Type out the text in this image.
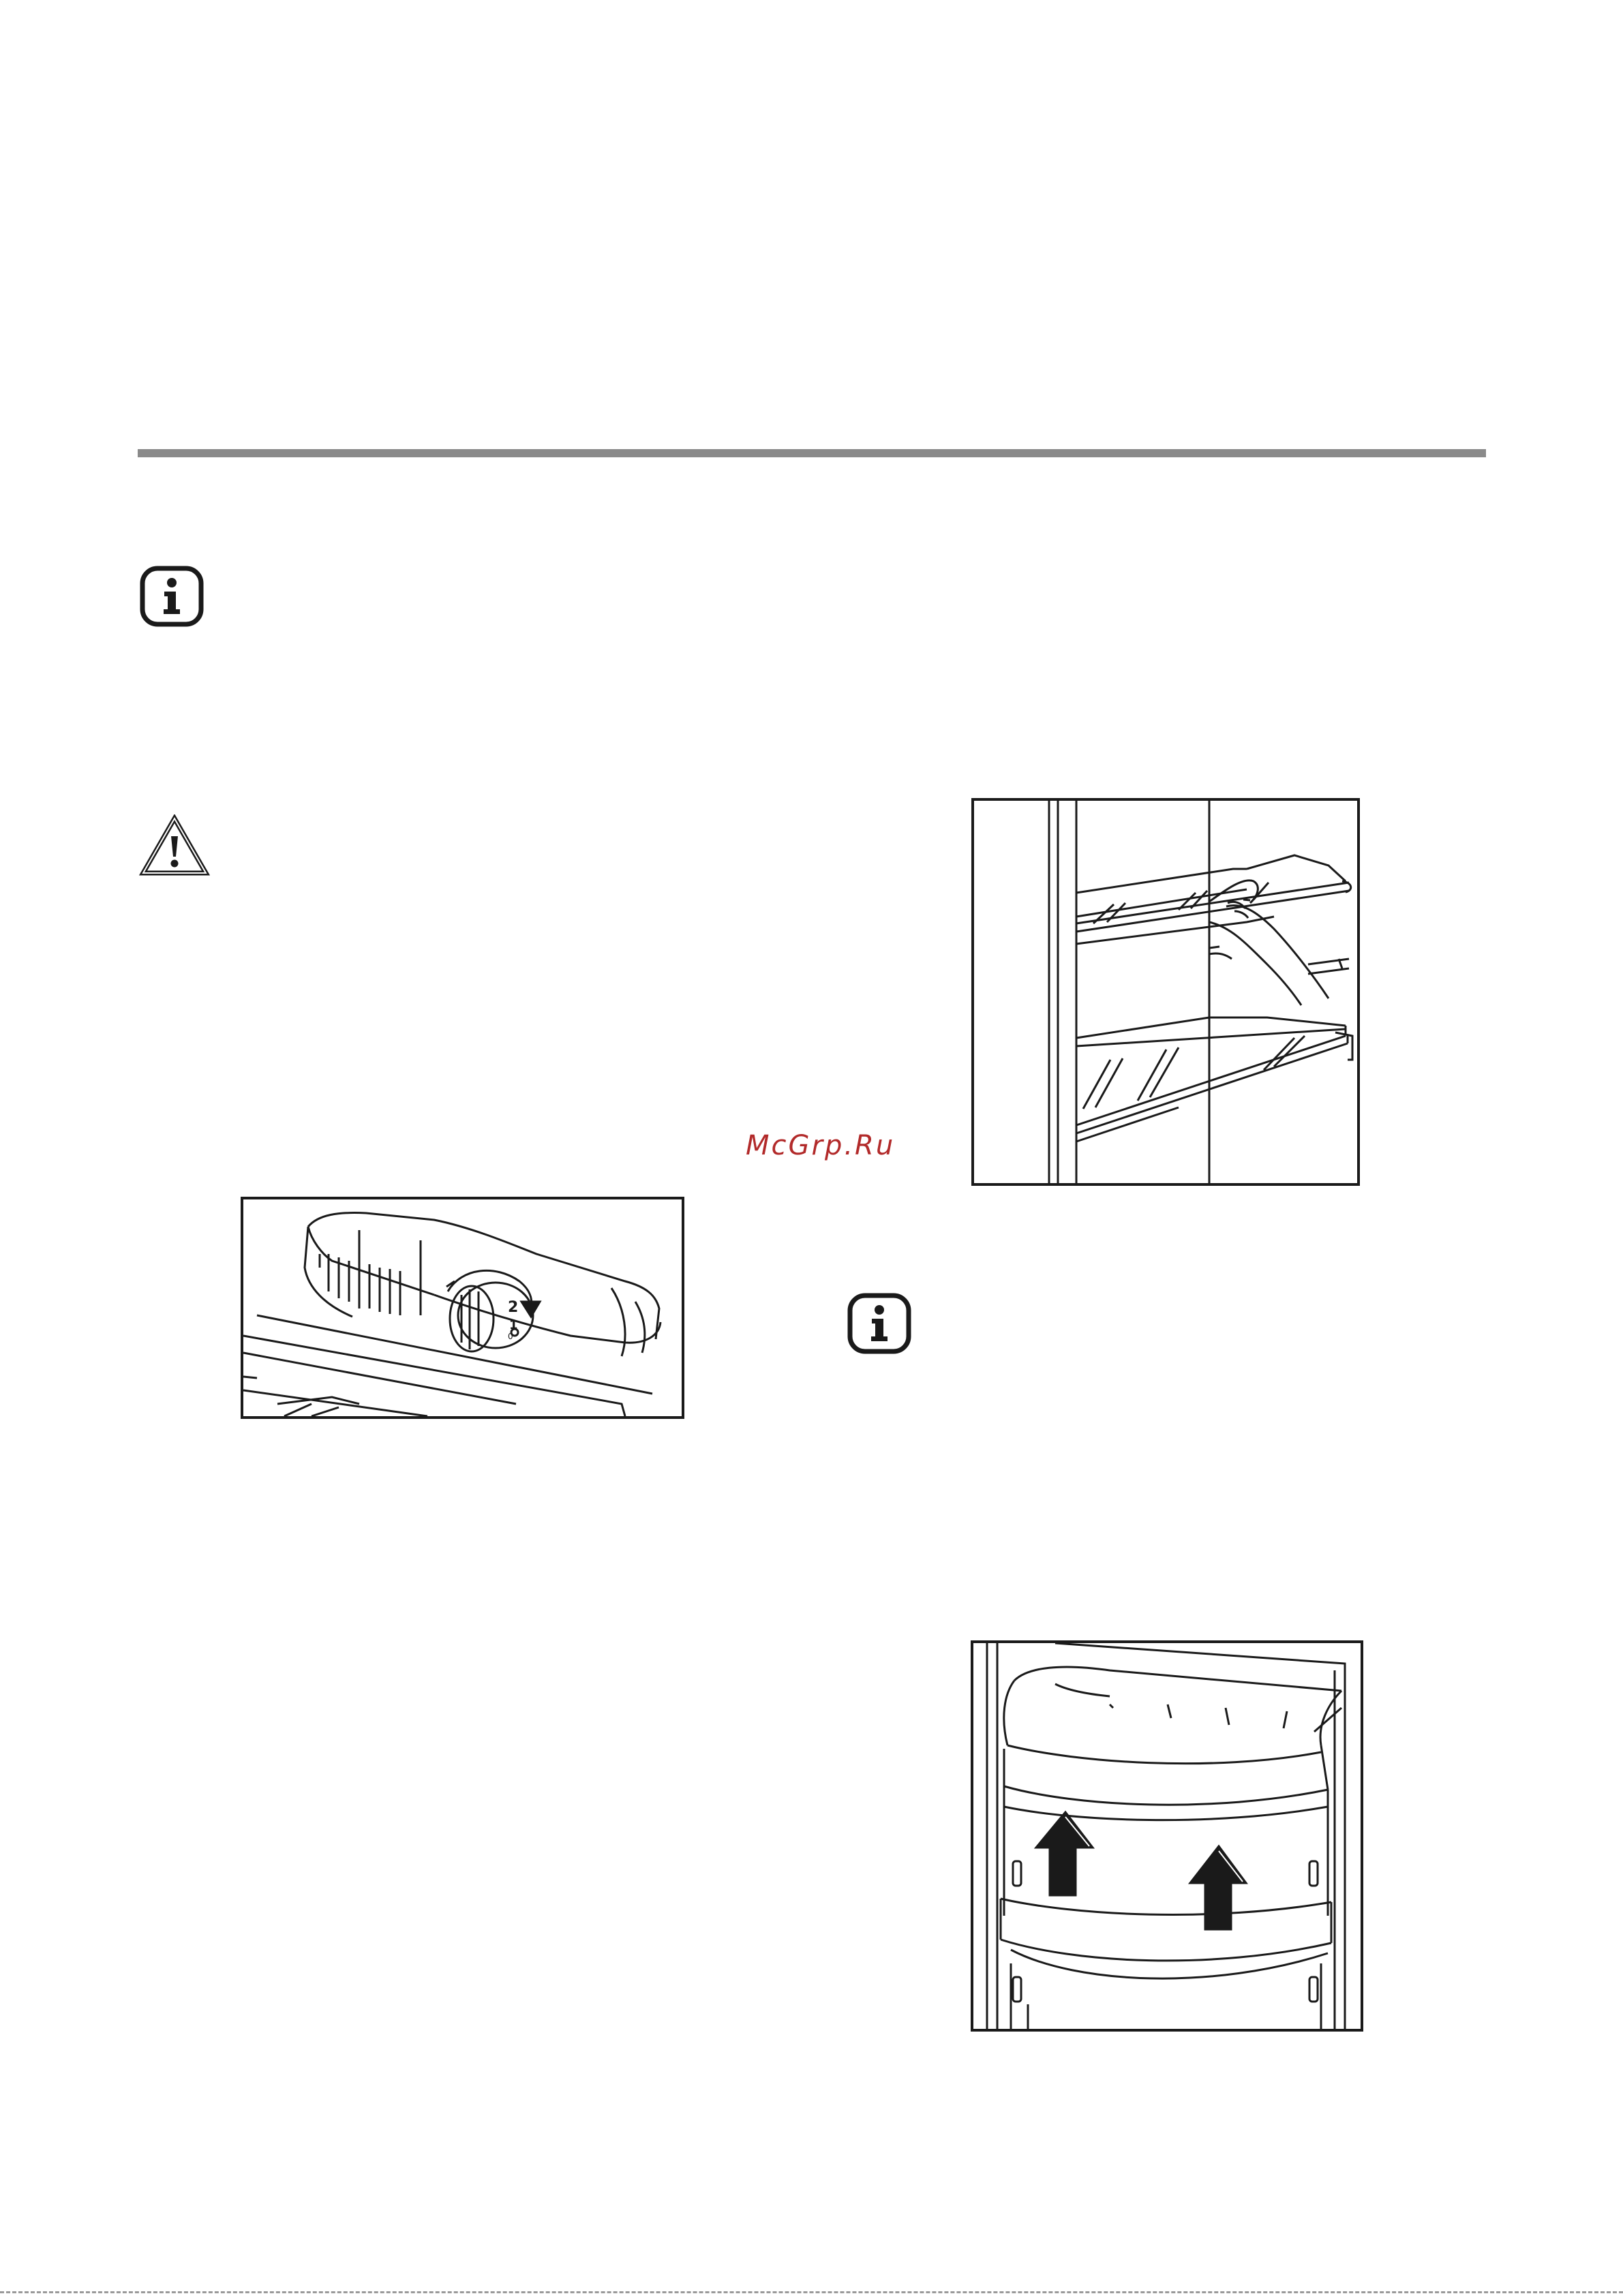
McGrp.Ru
2
1
0
